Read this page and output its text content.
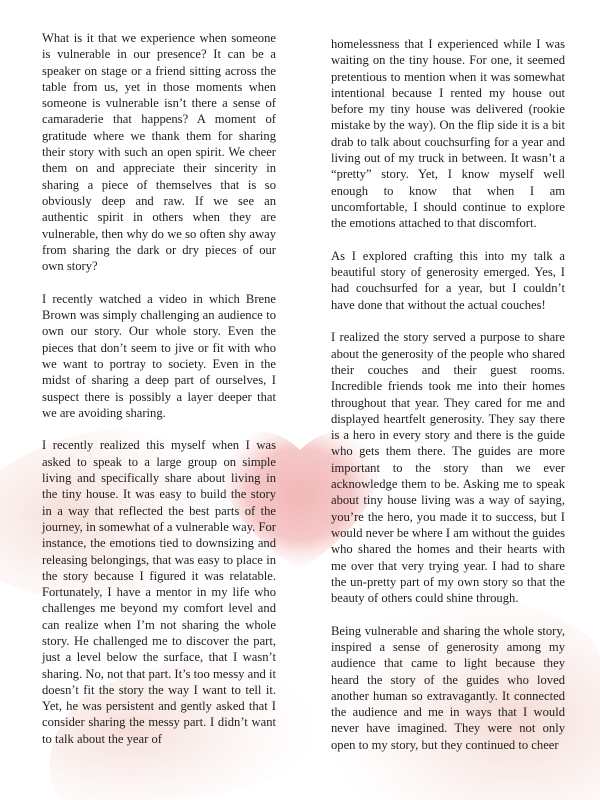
What is it that we experience when someone is vulnerable in our presence? It can be a speaker on stage or a friend sitting across the table from us, yet in those moments when someone is vulnerable isn’t there a sense of camaraderie that happens? A moment of gratitude where we thank them for sharing their story with such an open spirit. We cheer them on and appreciate their sincerity in sharing a piece of themselves that is so obviously deep and raw. If we see an authentic spirit in others when they are vulnerable, then why do we so often shy away from sharing the dark or dry pieces of our own story?

I recently watched a video in which Brene Brown was simply challenging an audience to own our story. Our whole story. Even the pieces that don’t seem to jive or fit with who we want to portray to society. Even in the midst of sharing a deep part of ourselves, I suspect there is possibly a layer deeper that we are avoiding sharing.

I recently realized this myself when I was asked to speak to a large group on simple living and specifically share about living in the tiny house. It was easy to build the story in a way that reflected the best parts of the journey, in somewhat of a vulnerable way. For instance, the emotions tied to downsizing and releasing belongings, that was easy to place in the story because I figured it was relatable. Fortunately, I have a mentor in my life who challenges me beyond my comfort level and can realize when I’m not sharing the whole story. He challenged me to discover the part, just a level below the surface, that I wasn’t sharing. No, not that part. It’s too messy and it doesn’t fit the story the way I want to tell it. Yet, he was persistent and gently asked that I consider sharing the messy part. I didn’t want to talk about the year of

homelessness that I experienced while I was waiting on the tiny house. For one, it seemed pretentious to mention when it was somewhat intentional because I rented my house out before my tiny house was delivered (rookie mistake by the way). On the flip side it is a bit drab to talk about couchsurfing for a year and living out of my truck in between. It wasn’t a “pretty” story. Yet, I know myself well enough to know that when I am uncomfortable, I should continue to explore the emotions attached to that discomfort.

As I explored crafting this into my talk a beautiful story of generosity emerged. Yes, I had couchsurfed for a year, but I couldn’t have done that without the actual couches!

I realized the story served a purpose to share about the generosity of the people who shared their couches and their guest rooms. Incredible friends took me into their homes throughout that year. They cared for me and displayed heartfelt generosity. They say there is a hero in every story and there is the guide who gets them there. The guides are more important to the story than we ever acknowledge them to be. Asking me to speak about tiny house living was a way of saying, you’re the hero, you made it to success, but I would never be where I am without the guides who shared the homes and their hearts with me over that very trying year. I had to share the un-pretty part of my own story so that the beauty of others could shine through.

Being vulnerable and sharing the whole story, inspired a sense of generosity among my audience that came to light because they heard the story of the guides who loved another human so extravagantly. It connected the audience and me in ways that I would never have imagined. They were not only open to my story, but they continued to cheer
